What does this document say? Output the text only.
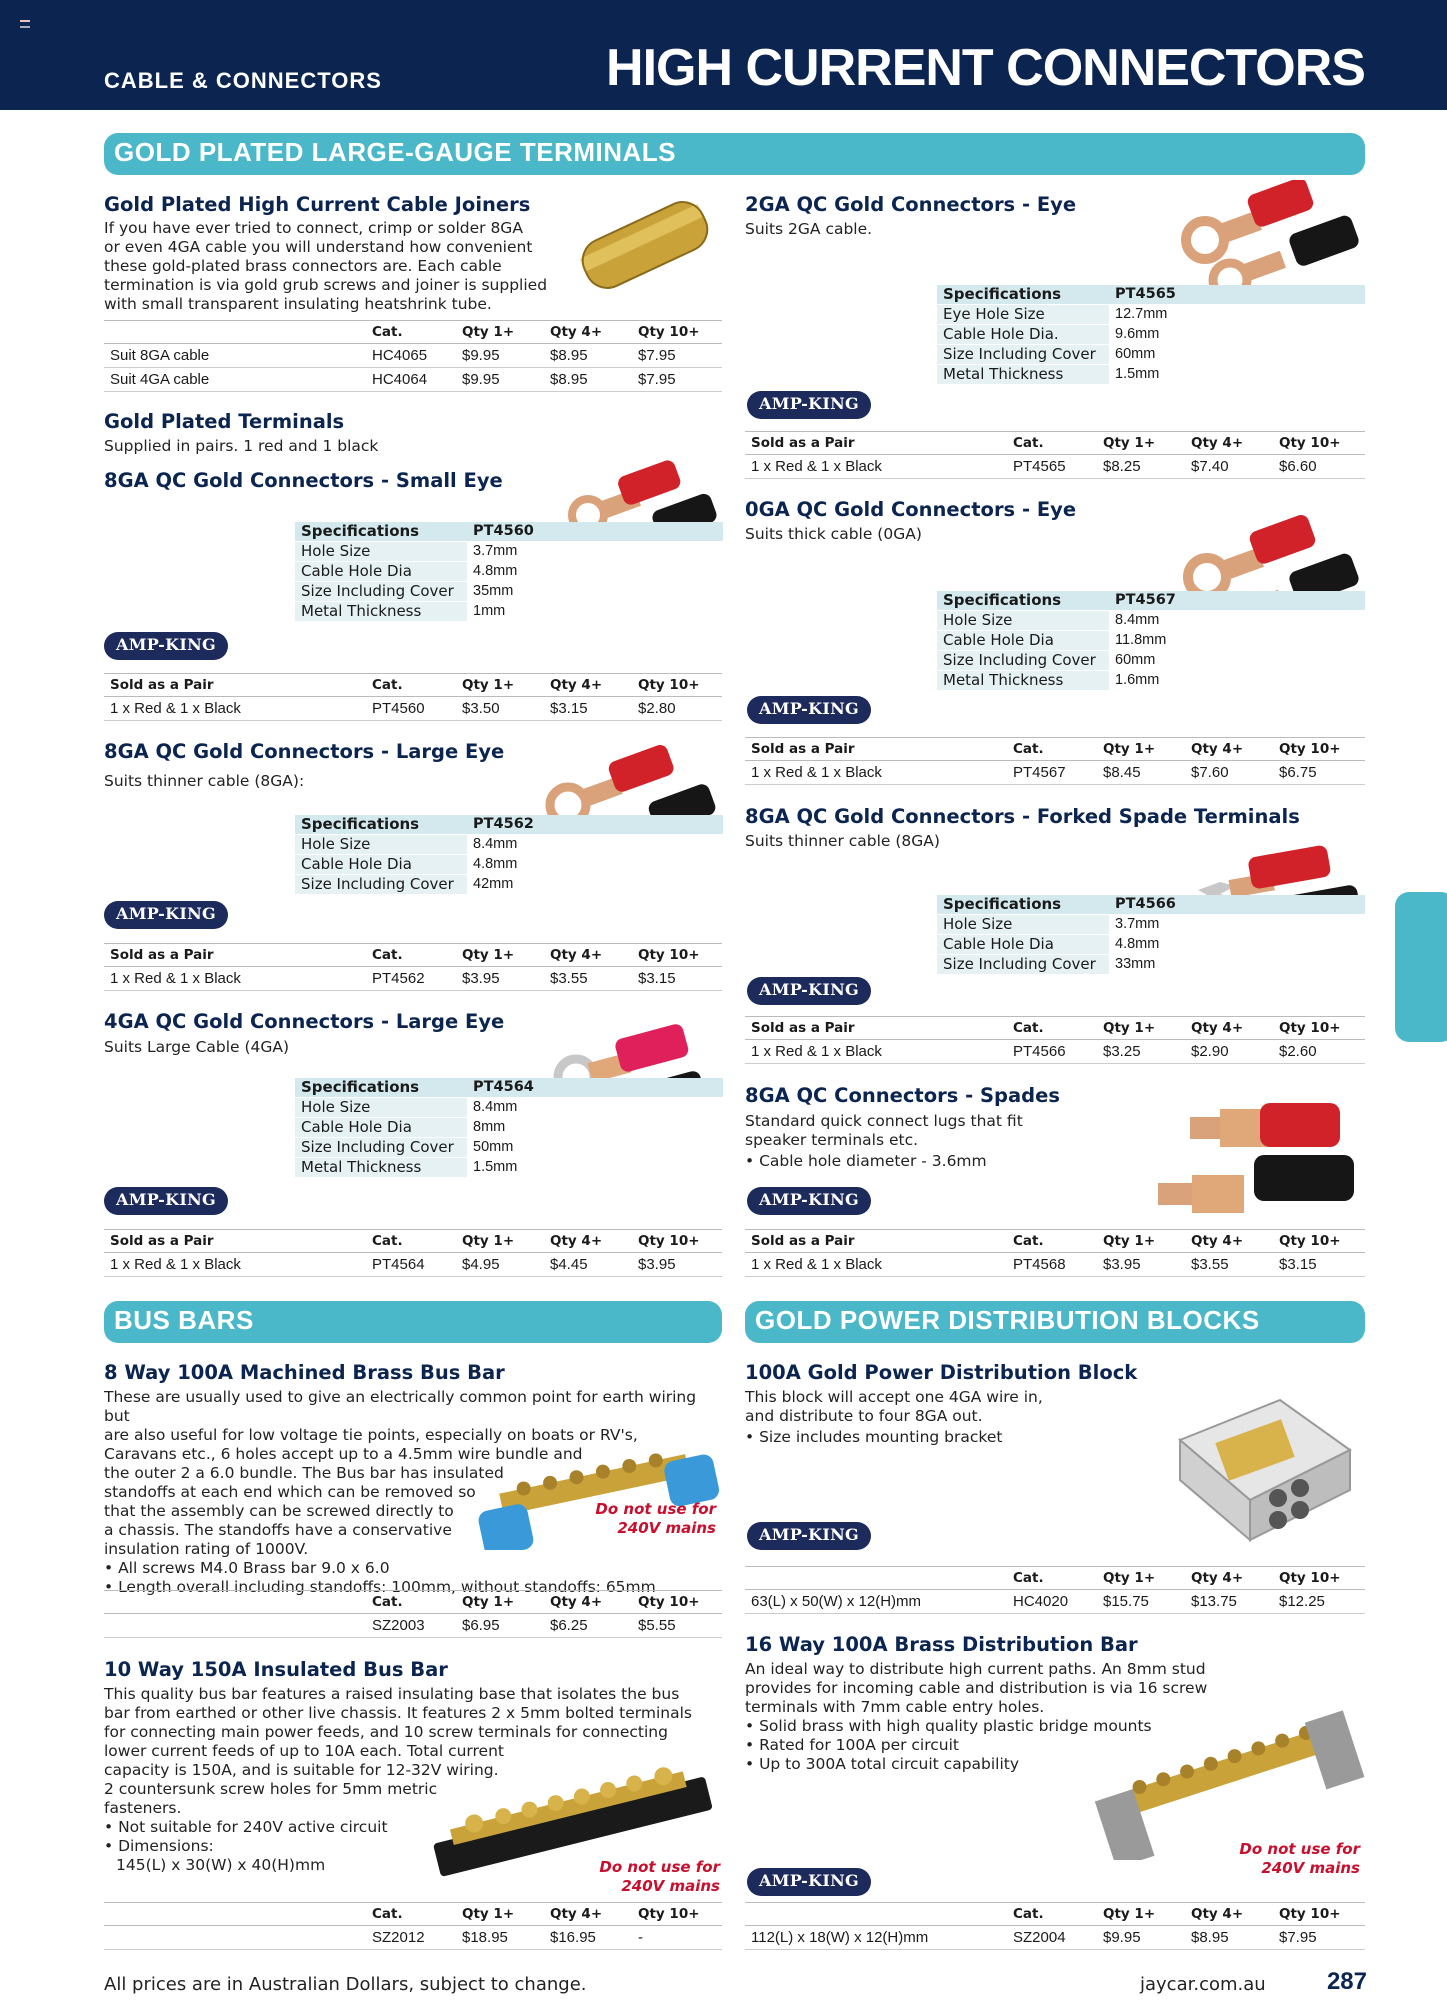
CABLE & CONNECTORS	HIGH CURRENT CONNECTORS
GOLD PLATED LARGE-GAUGE TERMINALS
Gold Plated High Current Cable Joiners

If you have ever tried to connect, crimp or solder 8GA

or even 4GA cable you will understand how convenient

these gold-plated brass connectors are. Each cable

termination is via gold grub screws and joiner is supplied

with small transparent insulating heatshrink tube.

	Cat.	Qty 1+	Qty 4+	Qty 10+
Suit 8GA cable	HC4065	$9.95	$8.95	$7.95
Suit 4GA cable	HC4064	$9.95	$8.95	$7.95
Gold Plated Terminals
Supplied in pairs. 1 red and 1 black
8GA QC Gold Connectors - Small Eye
Specifications	PT4560
Hole Size	3.7mm
Cable Hole Dia	4.8mm
Size Including Cover	35mm
Metal Thickness	1mm
AMP-KING
Sold as a Pair	Cat.	Qty 1+	Qty 4+	Qty 10+
1 x Red & 1 x Black	PT4560	$3.50	$3.15	$2.80
8GA QC Gold Connectors - Large Eye
Suits thinner cable (8GA):
Specifications	PT4562
Hole Size	8.4mm
Cable Hole Dia	4.8mm
Size Including Cover	42mm
AMP-KING
Sold as a Pair	Cat.	Qty 1+	Qty 4+	Qty 10+
1 x Red & 1 x Black	PT4562	$3.95	$3.55	$3.15
4GA QC Gold Connectors - Large Eye
Suits Large Cable (4GA)
Specifications	PT4564
Hole Size	8.4mm
Cable Hole Dia	8mm
Size Including Cover	50mm
Metal Thickness	1.5mm
AMP-KING
Sold as a Pair	Cat.	Qty 1+	Qty 4+	Qty 10+
1 x Red & 1 x Black	PT4564	$4.95	$4.45	$3.95
2GA QC Gold Connectors - Eye
Suits 2GA cable.
Specifications	PT4565
Eye Hole Size	12.7mm
Cable Hole Dia.	9.6mm
Size Including Cover	60mm
Metal Thickness	1.5mm
AMP-KING
Sold as a Pair	Cat.	Qty 1+	Qty 4+	Qty 10+
1 x Red & 1 x Black	PT4565	$8.25	$7.40	$6.60
0GA QC Gold Connectors - Eye
Suits thick cable (0GA)
Specifications	PT4567
Hole Size	8.4mm
Cable Hole Dia	11.8mm
Size Including Cover	60mm
Metal Thickness	1.6mm
AMP-KING
Sold as a Pair	Cat.	Qty 1+	Qty 4+	Qty 10+
1 x Red & 1 x Black	PT4567	$8.45	$7.60	$6.75
8GA QC Gold Connectors - Forked Spade Terminals
Suits thinner cable (8GA)
Specifications	PT4566
Hole Size	3.7mm
Cable Hole Dia	4.8mm
Size Including Cover	33mm
AMP-KING
Sold as a Pair	Cat.	Qty 1+	Qty 4+	Qty 10+
1 x Red & 1 x Black	PT4566	$3.25	$2.90	$2.60
8GA QC Connectors - Spades

Standard quick connect lugs that fit

speaker terminals etc.

• Cable hole diameter - 3.6mm

AMP-KING
Sold as a Pair	Cat.	Qty 1+	Qty 4+	Qty 10+
1 x Red & 1 x Black	PT4568	$3.95	$3.55	$3.15
BUS BARS	GOLD POWER DISTRIBUTION BLOCKS
8 Way 100A Machined Brass Bus Bar

These are usually used to give an electrically common point for earth wiring but

are also useful for low voltage tie points, especially on boats or RV's,

Caravans etc., 6 holes accept up to a 4.5mm wire bundle and

the outer 2 a 6.0 bundle. The Bus bar has insulated

standoffs at each end which can be removed so

that the assembly can be screwed directly to

a chassis. The standoffs have a conservative

insulation rating of 1000V.

• All screws M4.0 Brass bar 9.0 x 6.0

• Length overall including standoffs: 100mm, without standoffs: 65mm

Do not use for

240V mains

	Cat.	Qty 1+	Qty 4+	Qty 10+
	SZ2003	$6.95	$6.25	$5.55
10 Way 150A Insulated Bus Bar

This quality bus bar features a raised insulating base that isolates the bus

bar from earthed or other live chassis. It features 2 x 5mm bolted terminals

for connecting main power feeds, and 10 screw terminals for connecting

lower current feeds of up to 10A each. Total current

capacity is 150A, and is suitable for 12-32V wiring.

2 countersunk screw holes for 5mm metric

fasteners.

• Not suitable for 240V active circuit

• Dimensions:

145(L) x 30(W) x 40(H)mm	Do not use for

240V mains

	Cat.	Qty 1+	Qty 4+	Qty 10+
	SZ2012	$18.95	$16.95	-
100A Gold Power Distribution Block

This block will accept one 4GA wire in,

and distribute to four 8GA out.

• Size includes mounting bracket

AMP-KING
	Cat.	Qty 1+	Qty 4+	Qty 10+
63(L) x 50(W) x 12(H)mm	HC4020	$15.75	$13.75	$12.25
16 Way 100A Brass Distribution Bar

An ideal way to distribute high current paths. An 8mm stud

provides for incoming cable and distribution is via 16 screw

terminals with 7mm cable entry holes.

• Solid brass with high quality plastic bridge mounts

• Rated for 100A per circuit

• Up to 300A total circuit capability

Do not use for

240V mains

AMP-KING
	Cat.	Qty 1+	Qty 4+	Qty 10+
112(L) x 18(W) x 12(H)mm	SZ2004	$9.95	$8.95	$7.95
All prices are in Australian Dollars, subject to change.	jaycar.com.au	287
